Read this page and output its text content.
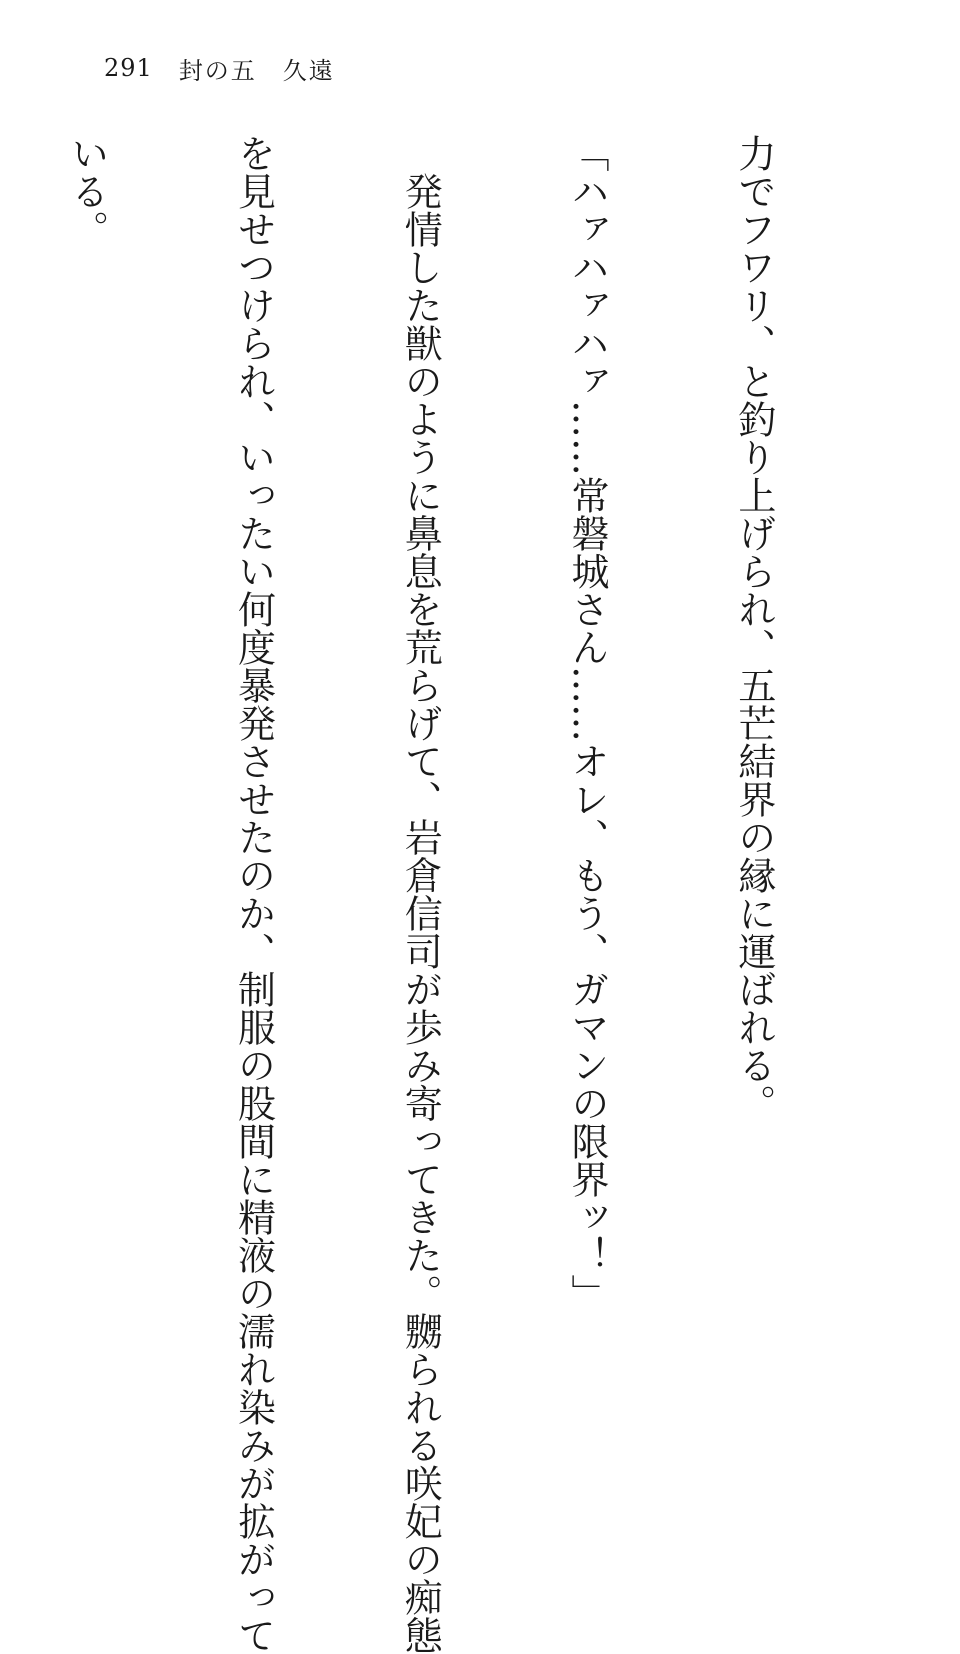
291 封の五　久遠

力でフワリ、と釣り上げられ、五芒結界の縁に運ばれる。

「ハァハァハァ……常磐城さん……オレ、もう、ガマンの限界ッ！」

　発情した獣のように鼻息を荒らげて、岩倉信司が歩み寄ってきた。嬲られる咲妃の痴態

を見せつけられ、いったい何度暴発させたのか、制服の股間に精液の濡れ染みが拡がって

いる。
